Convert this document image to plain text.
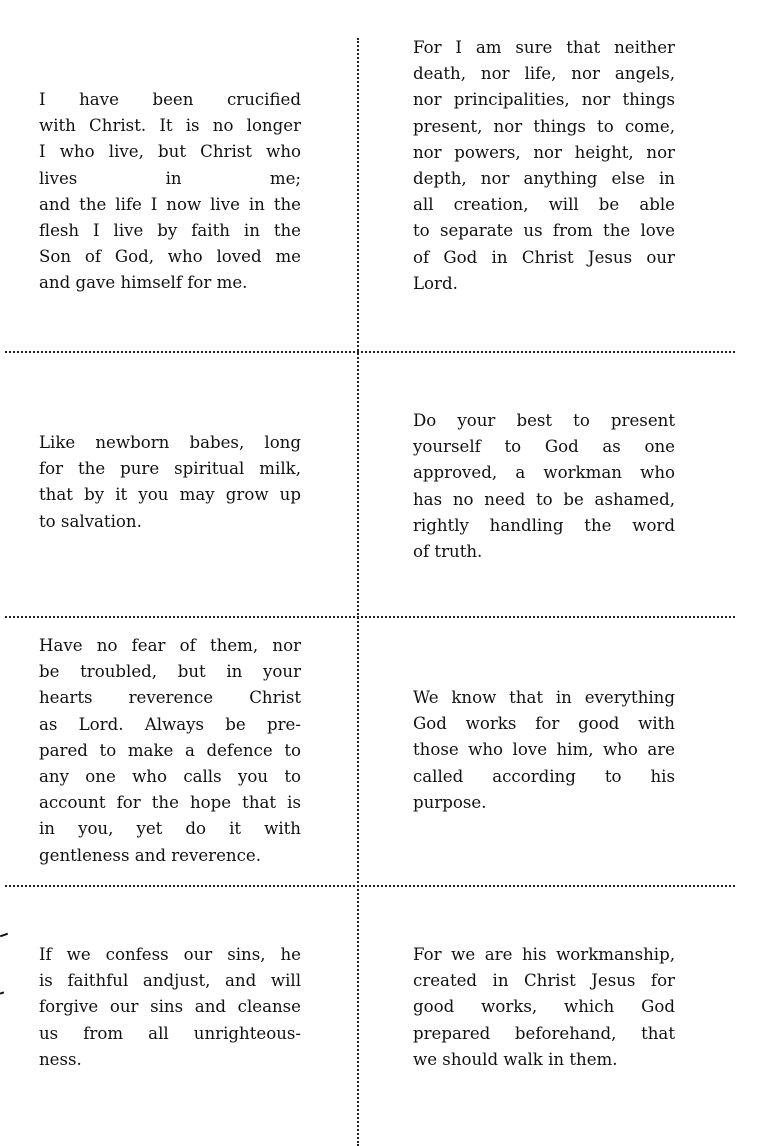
I have been crucified
with Christ. It is no longer
I who live, but Christ who
lives in me;
and the life I now live in the
flesh I live by faith in the
Son of God, who loved me
and gave himself for me.
For I am sure that neither
death, nor life, nor angels,
nor principalities, nor things
present, nor things to come,
nor powers, nor height, nor
depth, nor anything else in
all creation, will be able
to separate us from the love
of God in Christ Jesus our
Lord.
Like newborn babes, long
for the pure spiritual milk,
that by it you may grow up
to salvation.
Do your best to present
yourself to God as one
approved, a workman who
has no need to be ashamed,
rightly handling the word
of truth.
Have no fear of them, nor
be troubled, but in your
hearts reverence Christ
as Lord. Always be pre-
pared to make a defence to
any one who calls you to
account for the hope that is
in you, yet do it with
gentleness and reverence.
We know that in everything
God works for good with
those who love him, who are
called according to his
purpose.
If we confess our sins, he
is faithful andjust, and will
forgive our sins and cleanse
us from all unrighteous-
ness.
For we are his workmanship,
created in Christ Jesus for
good works, which God
prepared beforehand, that
we should walk in them.
